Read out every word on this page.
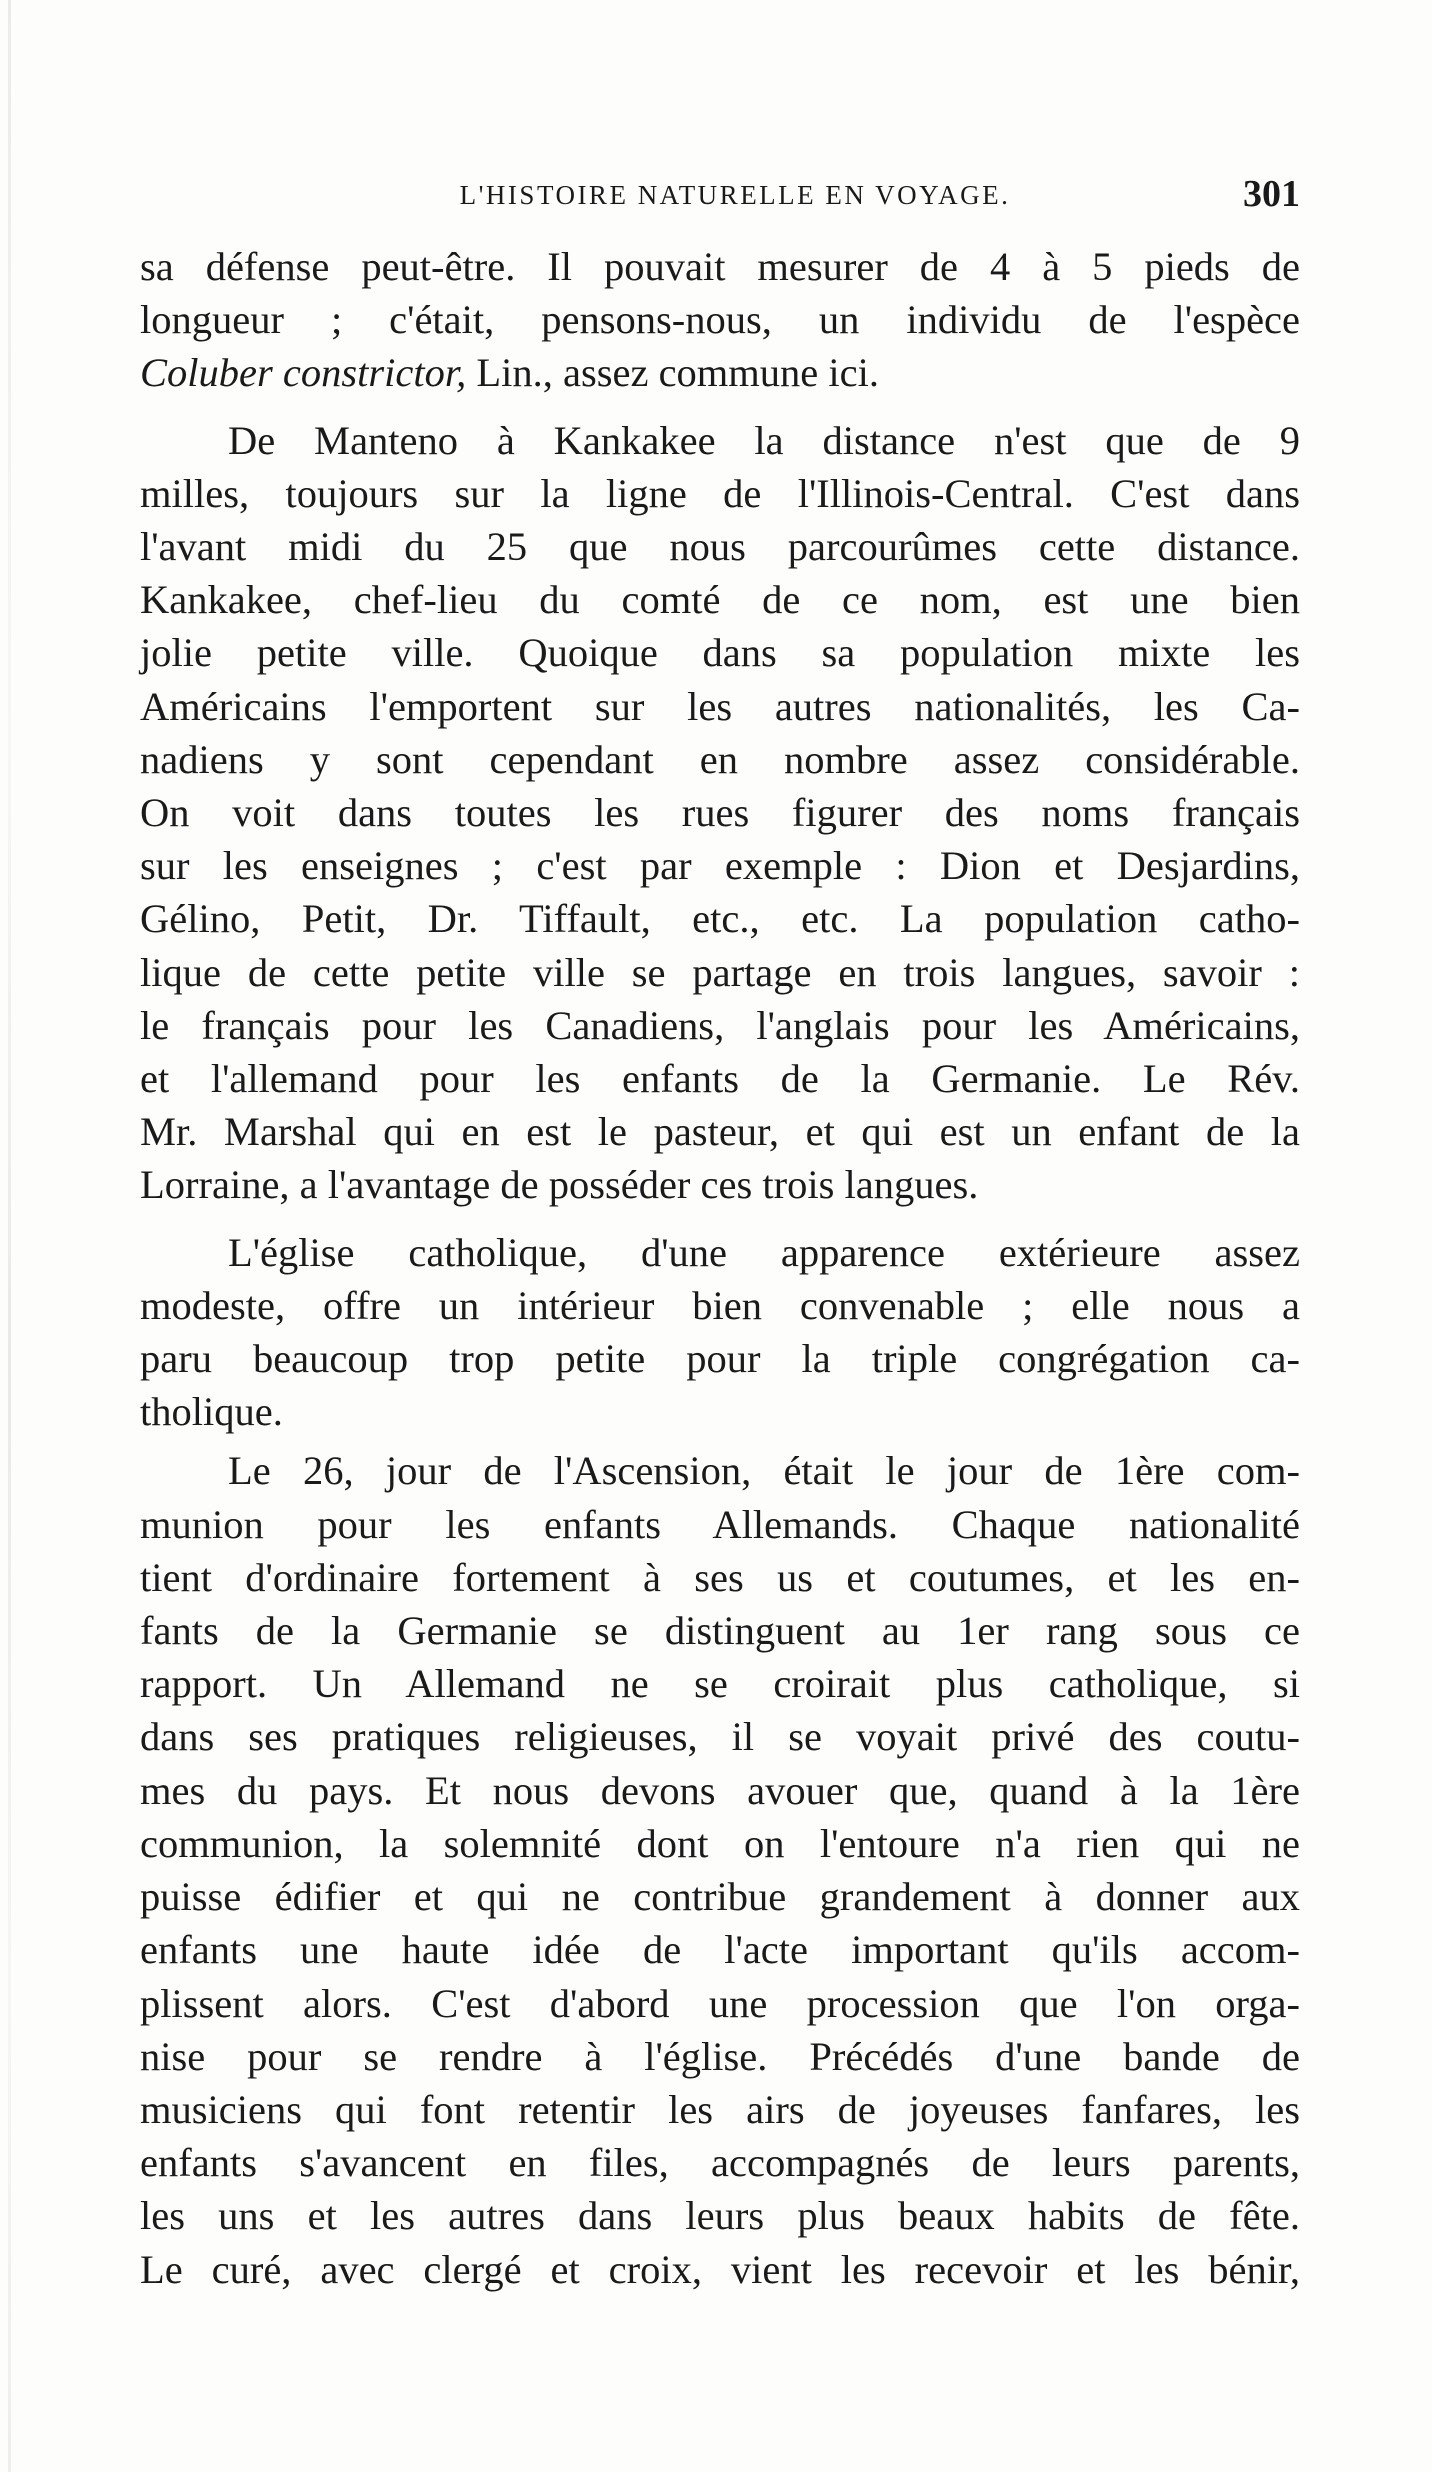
L'HISTOIRE NATURELLE EN VOYAGE.	301
sa défense peut-être. Il pouvait mesurer de 4 à 5 pieds de
longueur ; c'était, pensons-nous, un individu de l'espèce
Coluber constrictor, Lin., assez commune ici.
De Manteno à Kankakee la distance n'est que de 9
milles, toujours sur la ligne de l'Illinois-Central. C'est dans
l'avant midi du 25 que nous parcourûmes cette distance.
Kankakee, chef-lieu du comté de ce nom, est une bien
jolie petite ville. Quoique dans sa population mixte les
Américains l'emportent sur les autres nationalités, les Ca-
nadiens y sont cependant en nombre assez considérable.
On voit dans toutes les rues figurer des noms français
sur les enseignes ; c'est par exemple : Dion et Desjardins,
Gélino, Petit, Dr. Tiffault, etc., etc. La population catho-
lique de cette petite ville se partage en trois langues, savoir :
le français pour les Canadiens, l'anglais pour les Américains,
et l'allemand pour les enfants de la Germanie. Le Rév.
Mr. Marshal qui en est le pasteur, et qui est un enfant de la
Lorraine, a l'avantage de posséder ces trois langues.
L'église catholique, d'une apparence extérieure assez
modeste, offre un intérieur bien convenable ; elle nous a
paru beaucoup trop petite pour la triple congrégation ca-
tholique.
Le 26, jour de l'Ascension, était le jour de 1ère com-
munion pour les enfants Allemands. Chaque nationalité
tient d'ordinaire fortement à ses us et coutumes, et les en-
fants de la Germanie se distinguent au 1er rang sous ce
rapport. Un Allemand ne se croirait plus catholique, si
dans ses pratiques religieuses, il se voyait privé des coutu-
mes du pays. Et nous devons avouer que, quand à la 1ère
communion, la solemnité dont on l'entoure n'a rien qui ne
puisse édifier et qui ne contribue grandement à donner aux
enfants une haute idée de l'acte important qu'ils accom-
plissent alors. C'est d'abord une procession que l'on orga-
nise pour se rendre à l'église. Précédés d'une bande de
musiciens qui font retentir les airs de joyeuses fanfares, les
enfants s'avancent en files, accompagnés de leurs parents,
les uns et les autres dans leurs plus beaux habits de fête.
Le curé, avec clergé et croix, vient les recevoir et les bénir,
